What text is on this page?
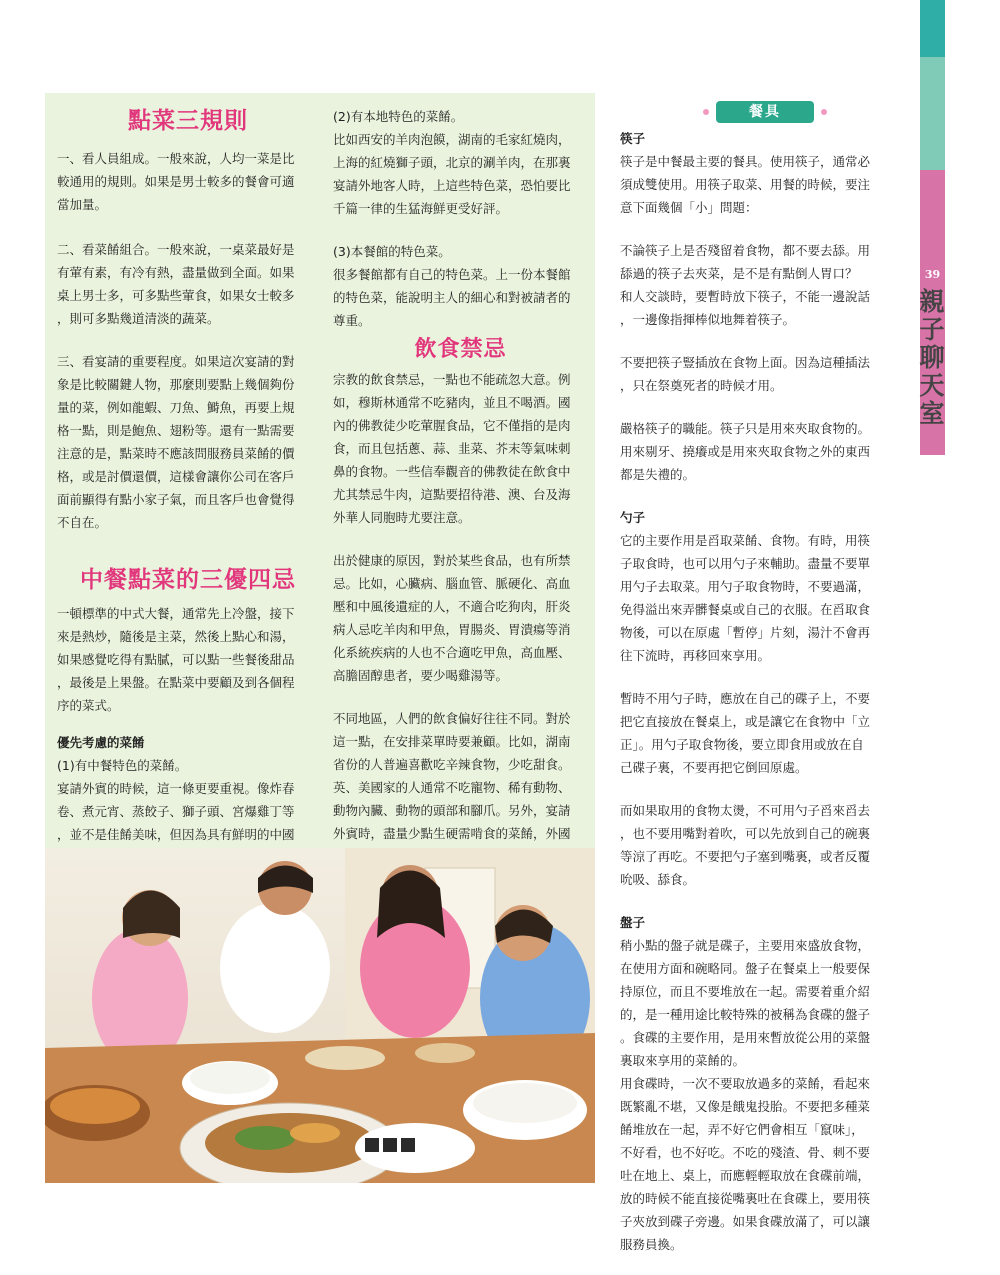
點菜三規則

一、看人員組成。一般來說，人均一菜是比
較通用的規則。如果是男士較多的餐會可適
當加量。

二、看菜餚組合。一般來說，一桌菜最好是
有葷有素，有冷有熱，盡量做到全面。如果
桌上男士多，可多點些葷食，如果女士較多
，則可多點幾道清淡的蔬菜。

三、看宴請的重要程度。如果這次宴請的對
象是比較關鍵人物，那麼則要點上幾個夠份
量的菜，例如龍蝦、刀魚、鰣魚，再要上規
格一點，則是鮑魚、翅粉等。還有一點需要
注意的是，點菜時不應該問服務員菜餚的價
格，或是討價還價，這樣會讓你公司在客戶
面前顯得有點小家子氣，而且客戶也會覺得
不自在。

中餐點菜的三優四忌

一頓標準的中式大餐，通常先上冷盤，接下
來是熱炒，隨後是主菜，然後上點心和湯，
如果感覺吃得有點膩，可以點一些餐後甜品
，最後是上果盤。在點菜中要顧及到各個程
序的菜式。

優先考慮的菜餚

(1)有中餐特色的菜餚。

宴請外賓的時候，這一條更要重視。像炸春
卷、煮元宵、蒸餃子、獅子頭、宮爆雞丁等
，並不是佳餚美味，但因為具有鮮明的中國

(2)有本地特色的菜餚。

比如西安的羊肉泡饃，湖南的毛家紅燒肉，
上海的紅燒獅子頭，北京的涮羊肉，在那裏
宴請外地客人時，上這些特色菜，恐怕要比
千篇一律的生猛海鮮更受好評。

(3)本餐館的特色菜。

很多餐館都有自己的特色菜。上一份本餐館
的特色菜，能說明主人的細心和對被請者的
尊重。

飲食禁忌

宗教的飲食禁忌，一點也不能疏忽大意。例
如，穆斯林通常不吃豬肉，並且不喝酒。國
內的佛教徒少吃葷腥食品，它不僅指的是肉
食，而且包括蔥、蒜、韭菜、芥末等氣味刺
鼻的食物。一些信奉觀音的佛教徒在飲食中
尤其禁忌牛肉，這點要招待港、澳、台及海
外華人同胞時尤要注意。

出於健康的原因，對於某些食品，也有所禁
忌。比如，心臟病、腦血管、脈硬化、高血
壓和中風後遺症的人，不適合吃狗肉，肝炎
病人忌吃羊肉和甲魚，胃腸炎、胃潰瘍等消
化系統疾病的人也不合適吃甲魚，高血壓、
高膽固醇患者，要少喝雞湯等。

不同地區，人們的飲食偏好往往不同。對於
這一點，在安排菜單時要兼顧。比如，湖南
省份的人普遍喜歡吃辛辣食物，少吃甜食。
英、美國家的人通常不吃寵物、稀有動物、
動物內臟、動物的頭部和腳爪。另外，宴請
外賓時，盡量少點生硬需啃食的菜餚，外國

餐具

筷子

筷子是中餐最主要的餐具。使用筷子，通常必
須成雙使用。用筷子取菜、用餐的時候，要注
意下面幾個「小」問題：

不論筷子上是否殘留着食物，都不要去舔。用
舔過的筷子去夾菜，是不是有點倒人胃口？
和人交談時，要暫時放下筷子，不能一邊說話
，一邊像指揮棒似地舞着筷子。

不要把筷子豎插放在食物上面。因為這種插法
，只在祭奠死者的時候才用。

嚴格筷子的職能。筷子只是用來夾取食物的。
用來剔牙、撓癢或是用來夾取食物之外的東西
都是失禮的。

勺子

它的主要作用是舀取菜餚、食物。有時，用筷
子取食時，也可以用勺子來輔助。盡量不要單
用勺子去取菜。用勺子取食物時，不要過滿，
免得溢出來弄髒餐桌或自己的衣服。在舀取食
物後，可以在原處「暫停」片刻，湯汁不會再
往下流時，再移回來享用。

暫時不用勺子時，應放在自己的碟子上，不要
把它直接放在餐桌上，或是讓它在食物中「立
正」。用勺子取食物後，要立即食用或放在自
己碟子裏，不要再把它倒回原處。

而如果取用的食物太燙，不可用勺子舀來舀去
，也不要用嘴對着吹，可以先放到自己的碗裏
等涼了再吃。不要把勺子塞到嘴裏，或者反覆
吮吸、舔食。

盤子

稍小點的盤子就是碟子，主要用來盛放食物，
在使用方面和碗略同。盤子在餐桌上一般要保
持原位，而且不要堆放在一起。需要着重介紹
的，是一種用途比較特殊的被稱為食碟的盤子
。食碟的主要作用，是用來暫放從公用的菜盤
裏取來享用的菜餚的。

用食碟時，一次不要取放過多的菜餚，看起來
既繁亂不堪，又像是餓鬼投胎。不要把多種菜
餚堆放在一起，弄不好它們會相互「竄味」，
不好看，也不好吃。不吃的殘渣、骨、刺不要
吐在地上、桌上，而應輕輕取放在食碟前端，
放的時候不能直接從嘴裏吐在食碟上，要用筷
子夾放到碟子旁邊。如果食碟放滿了，可以讓
服務員換。

39
親子聊天室
